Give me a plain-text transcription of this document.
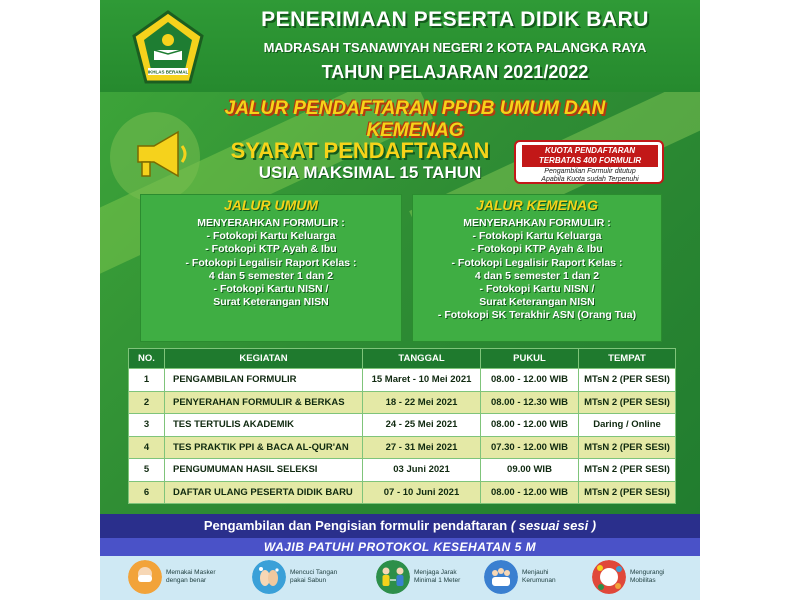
IKHLAS BERAMAL
PENERIMAAN PESERTA DIDIK BARU
MADRASAH TSANAWIYAH NEGERI 2 KOTA PALANGKA RAYA
TAHUN PELAJARAN 2021/2022
JALUR PENDAFTARAN PPDB UMUM DAN KEMENAG
SYARAT PENDAFTARAN
USIA MAKSIMAL 15 TAHUN
KUOTA PENDAFTARAN
TERBATAS 400 FORMULIR
Pengambilan Formulir ditutup
Apabila Kuota sudah Terpenuhi
JALUR UMUM
MENYERAHKAN FORMULIR :
- Fotokopi Kartu Keluarga
- Fotokopi KTP Ayah & Ibu
- Fotokopi Legalisir Raport Kelas :
4 dan 5 semester 1 dan 2
- Fotokopi Kartu NISN /
Surat Keterangan NISN
JALUR KEMENAG
MENYERAHKAN FORMULIR :
- Fotokopi Kartu Keluarga
- Fotokopi KTP Ayah & Ibu
- Fotokopi Legalisir Raport Kelas :
4 dan 5 semester 1 dan 2
- Fotokopi Kartu NISN /
Surat Keterangan NISN
- Fotokopi SK Terakhir ASN (Orang Tua)
NO.	KEGIATAN	TANGGAL	PUKUL	TEMPAT
1	PENGAMBILAN FORMULIR	15 Maret - 10 Mei 2021	08.00 - 12.00 WIB	MTsN 2 (PER SESI)
2	PENYERAHAN FORMULIR & BERKAS	18 - 22 Mei 2021	08.00 - 12.30 WIB	MTsN 2 (PER SESI)
3	TES TERTULIS AKADEMIK	24 - 25 Mei 2021	08.00 - 12.00 WIB	Daring / Online
4	TES PRAKTIK PPI & BACA AL-QUR'AN	27 - 31 Mei 2021	07.30 - 12.00 WIB	MTsN 2 (PER SESI)
5	PENGUMUMAN HASIL SELEKSI	03 Juni 2021	09.00 WIB	MTsN 2 (PER SESI)
6	DAFTAR ULANG PESERTA DIDIK BARU	07 - 10 Juni 2021	08.00 - 12.00 WIB	MTsN 2 (PER SESI)
Pengambilan dan Pengisian formulir pendaftaran ( sesuai sesi )
WAJIB PATUHI PROTOKOL KESEHATAN 5 M
Memakai Masker
dengan benar
Mencuci Tangan
pakai Sabun
Menjaga Jarak
Minimal 1 Meter
Menjauhi
Kerumunan
Mengurangi
Mobilitas
